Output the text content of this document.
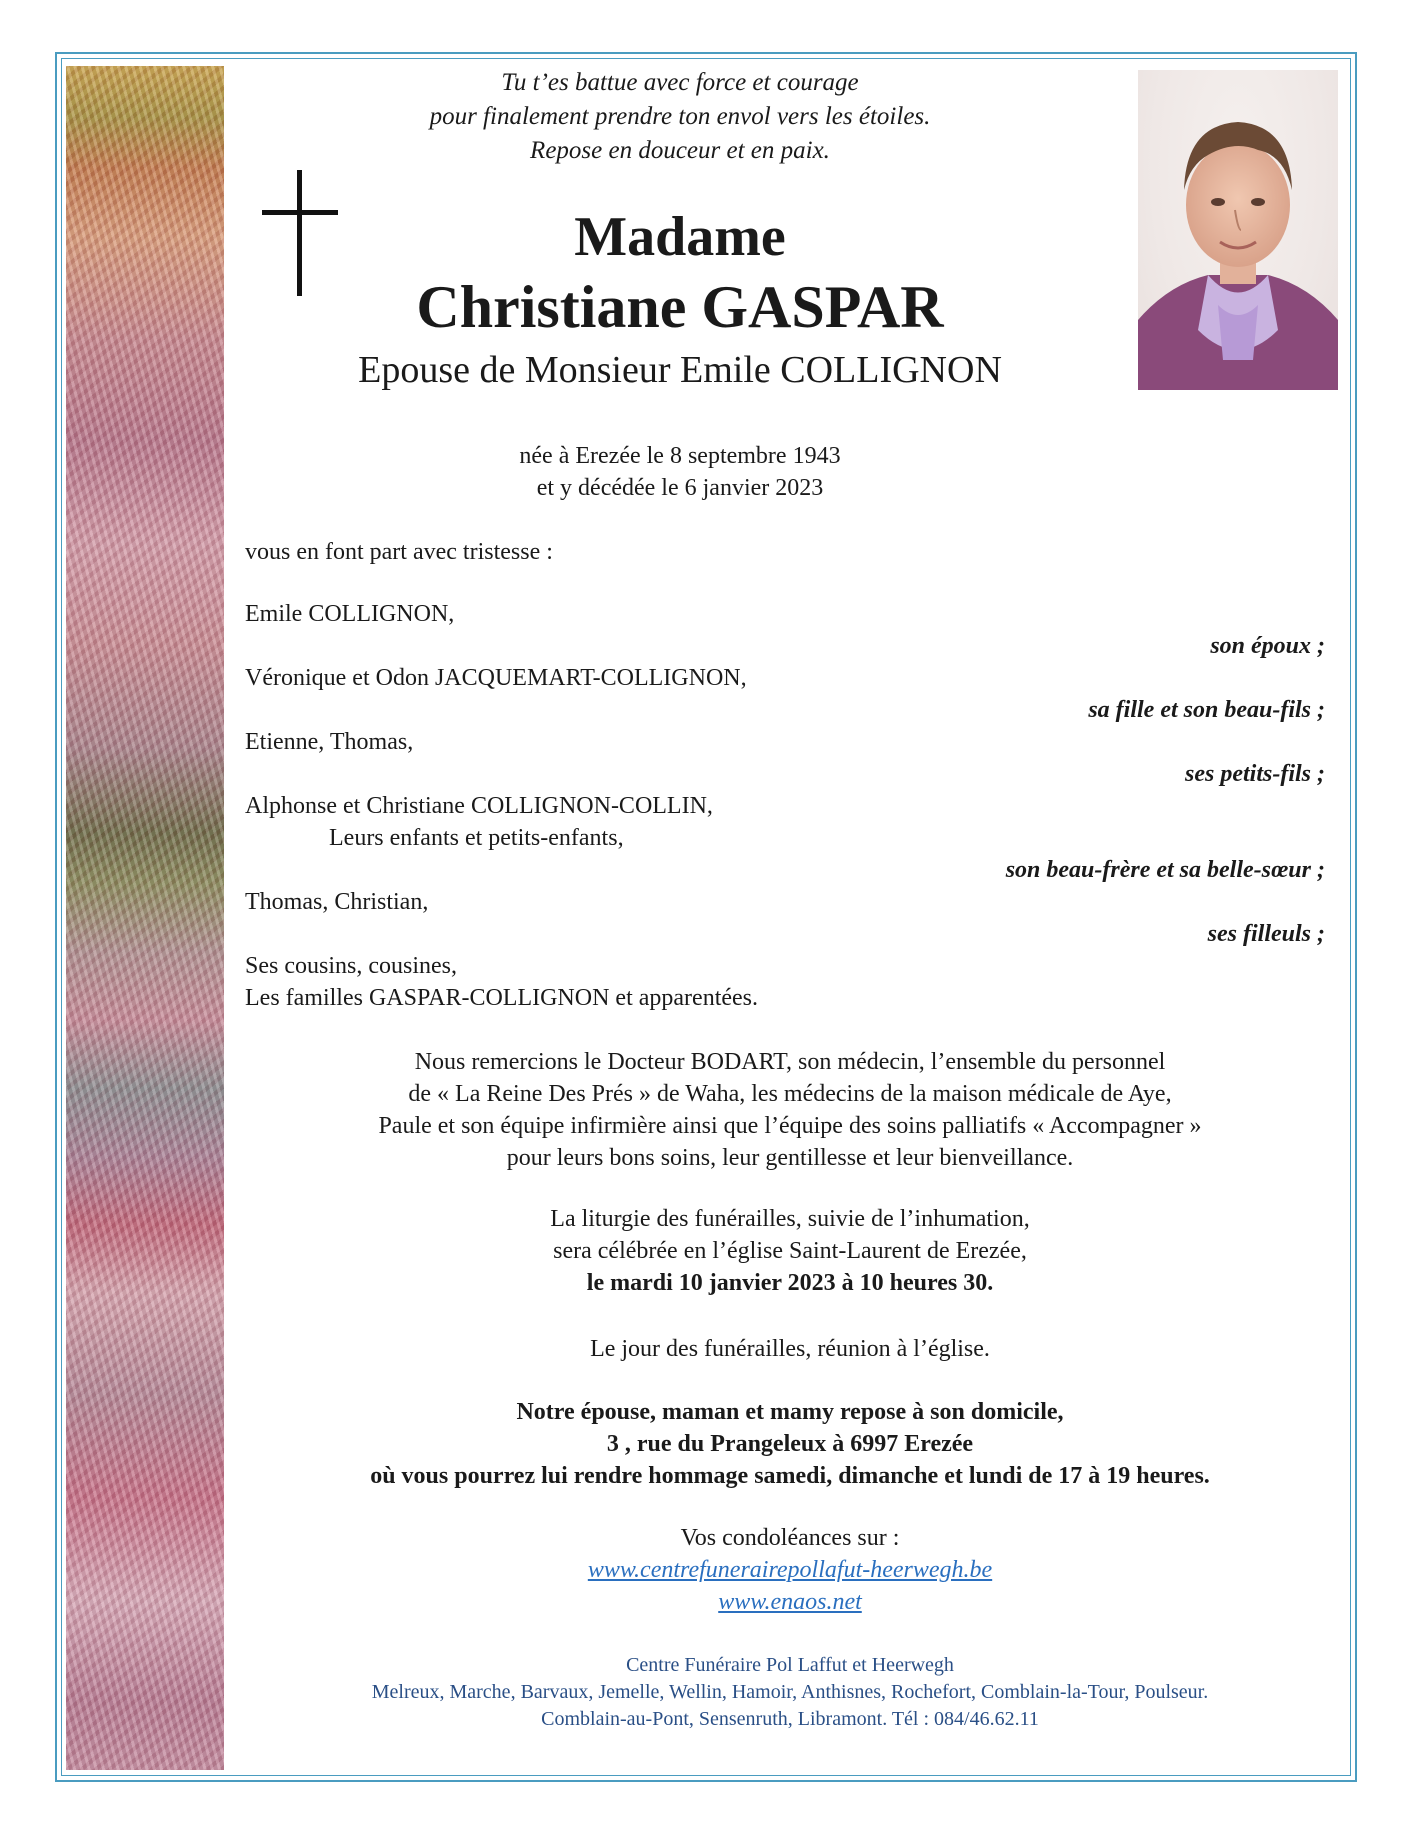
Tu t’es battue avec force et courage
pour finalement prendre ton envol vers les étoiles.
Repose en douceur et en paix.
Madame
Christiane GASPAR
Epouse de Monsieur Emile COLLIGNON
née à Erezée le 8 septembre 1943
et y décédée le 6 janvier 2023
vous en font part avec tristesse :
Emile COLLIGNON,
son époux ;
Véronique et Odon JACQUEMART-COLLIGNON,
sa fille et son beau-fils ;
Etienne, Thomas,
ses petits-fils ;
Alphonse et Christiane COLLIGNON-COLLIN,
Leurs enfants et petits-enfants,
son beau-frère et sa belle-sœur ;
Thomas, Christian,
ses filleuls ;
Ses cousins, cousines,
Les familles GASPAR-COLLIGNON et apparentées.
Nous remercions le Docteur BODART, son médecin, l’ensemble du personnel
de « La Reine Des Prés » de Waha, les médecins de la maison médicale de Aye,
Paule et son équipe infirmière ainsi que l’équipe des soins palliatifs « Accompagner »
pour leurs bons soins, leur gentillesse et leur bienveillance.
La liturgie des funérailles, suivie de l’inhumation,
sera célébrée en l’église Saint-Laurent de Erezée,
le mardi 10 janvier 2023 à 10 heures 30.
Le jour des funérailles, réunion à l’église.
Notre épouse, maman et mamy repose à son domicile,
3 , rue du Prangeleux à 6997 Erezée
où vous pourrez lui rendre hommage samedi, dimanche et lundi de 17 à 19 heures.
Vos condoléances sur :
www.centrefunerairepollafut-heerwegh.be
www.enaos.net
Centre Funéraire Pol Laffut et Heerwegh
Melreux, Marche, Barvaux, Jemelle, Wellin, Hamoir, Anthisnes, Rochefort, Comblain-la-Tour, Poulseur.
Comblain-au-Pont, Sensenruth, Libramont. Tél : 084/46.62.11
